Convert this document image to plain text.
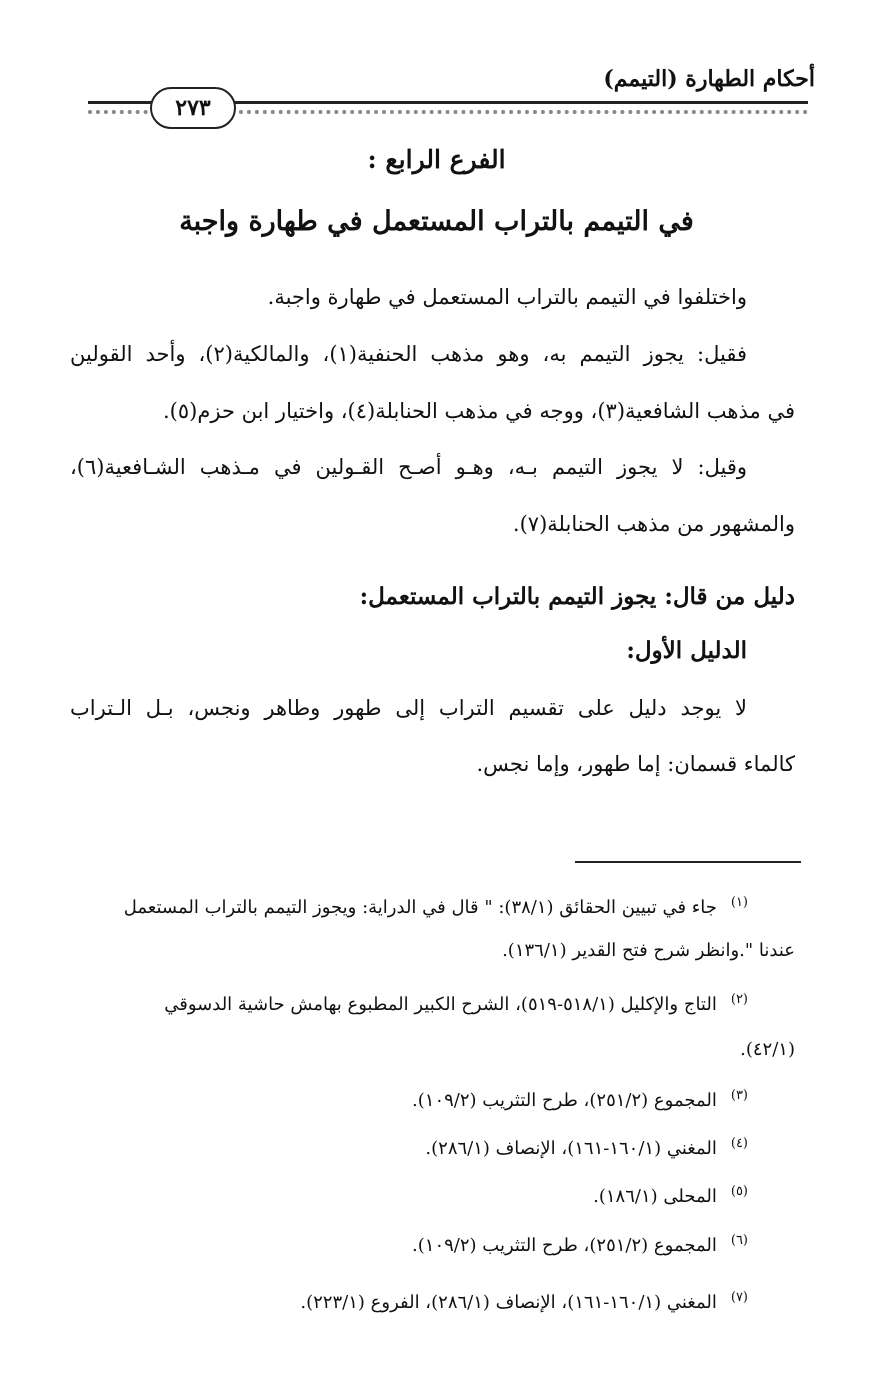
أحكام الطهارة (التيمم)
٢٧٣
الفرع الرابع :
في التيمم بالتراب المستعمل في طهارة واجبة
واختلفوا في التيمم بالتراب المستعمل في طهارة واجبة.
فقيل: يجوز التيمم به، وهو مذهب الحنفية(١)، والمالكية(٢)، وأحد القولين
في مذهب الشافعية(٣)، ووجه في مذهب الحنابلة(٤)، واختيار ابن حزم(٥).
وقيل: لا يجوز التيمم بـه، وهـو أصـح القـولين في مـذهب الشـافعية(٦)،
والمشهور من مذهب الحنابلة(٧).
دليل من قال: يجوز التيمم بالتراب المستعمل:
الدليل الأول:
لا يوجد دليل على تقسيم التراب إلى طهور وطاهر ونجس، بـل الـتراب
كالماء قسمان: إما طهور، وإما نجس.
$^{(١)}$جاء في تبيين الحقائق (٣٨/١): " قال في الدراية: ويجوز التيمم بالتراب المستعمل
عندنا ".وانظر شرح فتح القدير (١٣٦/١).
$^{(٢)}$التاج والإكليل (٥١٨/١-٥١٩)، الشرح الكبير المطبوع بهامش حاشية الدسوقي
(٤٢/١).
$^{(٣)}$المجموع (٢٥١/٢)، طرح التثريب (١٠٩/٢).
$^{(٤)}$المغني (١٦٠/١-١٦١)، الإنصاف (٢٨٦/١).
$^{(٥)}$المحلى (١٨٦/١).
$^{(٦)}$المجموع (٢٥١/٢)، طرح التثريب (١٠٩/٢).
$^{(٧)}$المغني (١٦٠/١-١٦١)، الإنصاف (٢٨٦/١)، الفروع (٢٢٣/١).
